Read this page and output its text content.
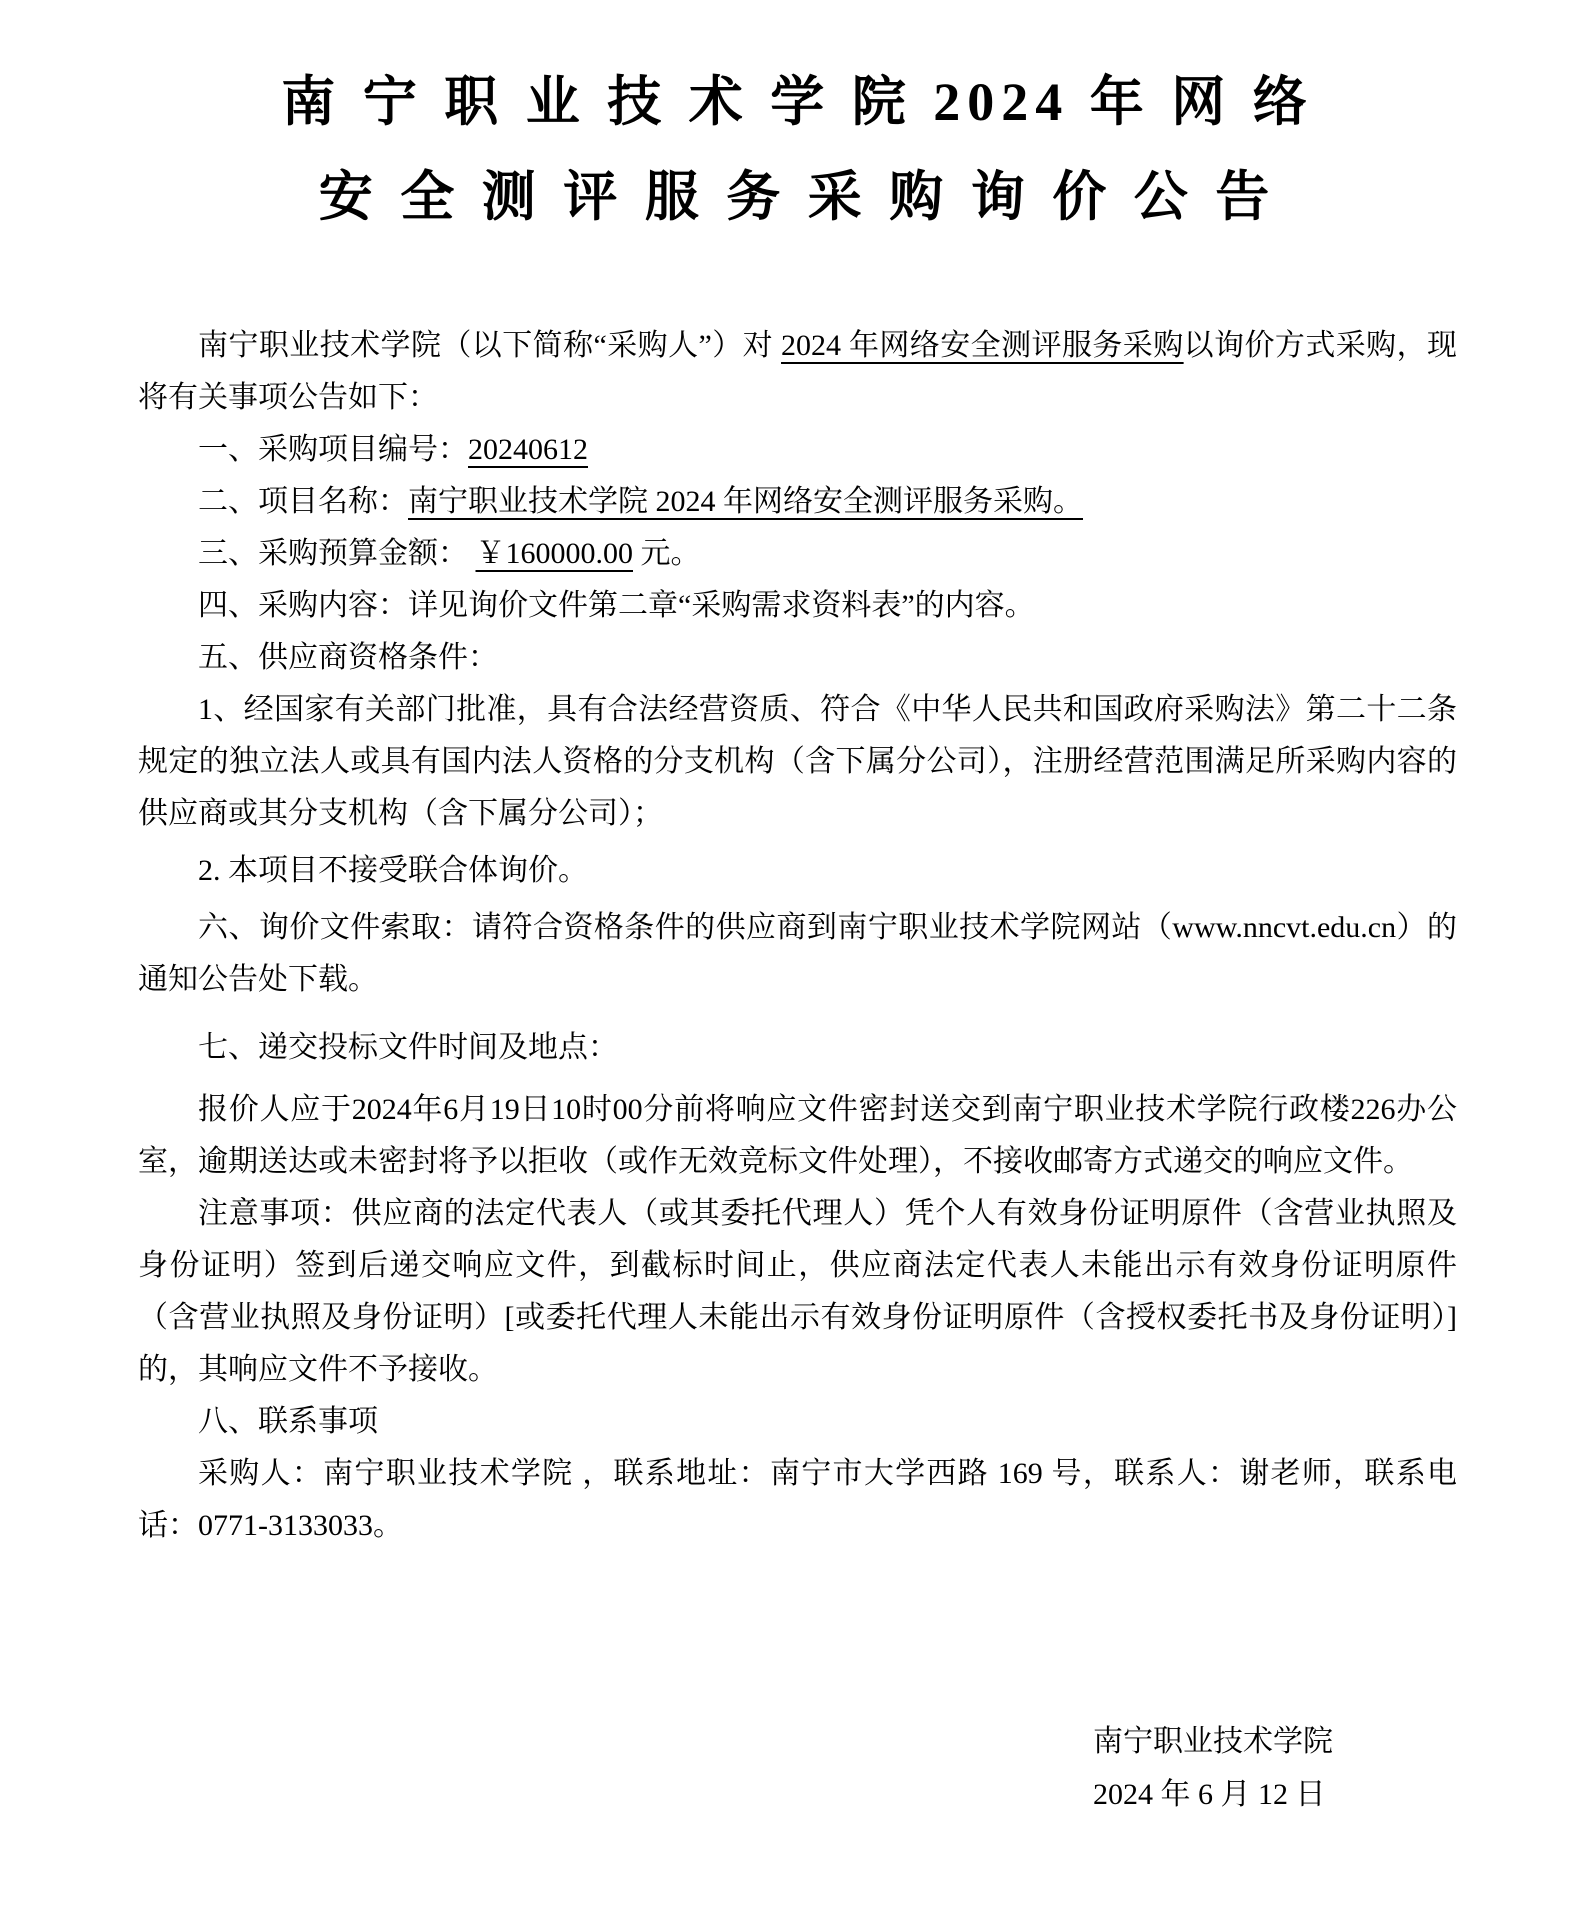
南 宁 职 业 技 术 学 院 2024 年 网 络
安 全 测 评 服 务 采 购 询 价 公 告

南宁职业技术学院（以下简称“采购人”）对 2024 年网络安全测评服务采购以询价方式采购，现将有关事项公告如下：

一、采购项目编号：20240612

二、项目名称：南宁职业技术学院 2024 年网络安全测评服务采购。

三、采购预算金额： ￥160000.00 元。

四、采购内容：详见询价文件第二章“采购需求资料表”的内容。

五、供应商资格条件：

1、经国家有关部门批准，具有合法经营资质、符合《中华人民共和国政府采购法》第二十二条规定的独立法人或具有国内法人资格的分支机构（含下属分公司），注册经营范围满足所采购内容的供应商或其分支机构（含下属分公司）；

2. 本项目不接受联合体询价。

六、询价文件索取：请符合资格条件的供应商到南宁职业技术学院网站（www.nncvt.edu.cn）的通知公告处下载。

七、递交投标文件时间及地点：

报价人应于2024年6月19日10时00分前将响应文件密封送交到南宁职业技术学院行政楼226办公室，逾期送达或未密封将予以拒收（或作无效竞标文件处理），不接收邮寄方式递交的响应文件。

注意事项：供应商的法定代表人（或其委托代理人）凭个人有效身份证明原件（含营业执照及身份证明）签到后递交响应文件，到截标时间止，供应商法定代表人未能出示有效身份证明原件（含营业执照及身份证明）[或委托代理人未能出示有效身份证明原件（含授权委托书及身份证明）]的，其响应文件不予接收。

八、联系事项

采购人：南宁职业技术学院 ，联系地址：南宁市大学西路 169 号，联系人：谢老师，联系电话：0771-3133033。

南宁职业技术学院
2024 年 6 月 12 日
